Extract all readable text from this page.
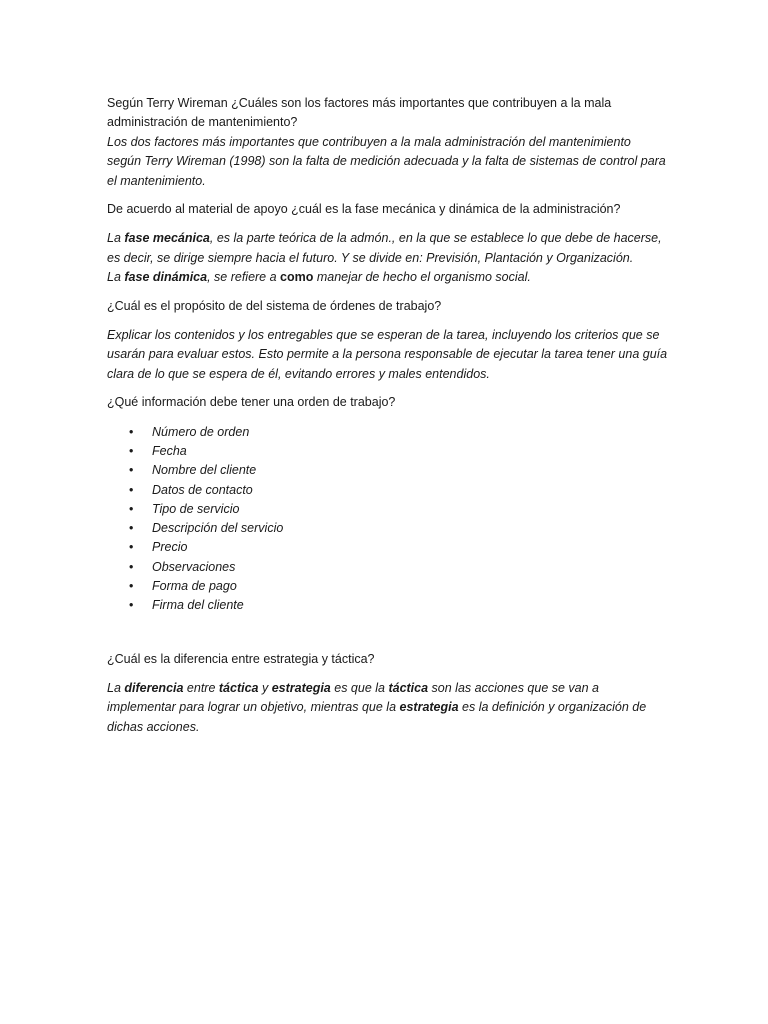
Según Terry Wireman ¿Cuáles son los factores más importantes que contribuyen a la mala administración de mantenimiento?

Los dos factores más importantes que contribuyen a la mala administración del mantenimiento según Terry Wireman (1998) son la falta de medición adecuada y la falta de sistemas de control para el mantenimiento.

De acuerdo al material de apoyo ¿cuál es la fase mecánica y dinámica de la administración?

La fase mecánica, es la parte teórica de la admón., en la que se establece lo que debe de hacerse, es decir, se dirige siempre hacia el futuro. Y se divide en: Previsión, Plantación y Organización.

La fase dinámica, se refiere a como manejar de hecho el organismo social.

¿Cuál es el propósito de del sistema de órdenes de trabajo?

Explicar los contenidos y los entregables que se esperan de la tarea, incluyendo los criterios que se usarán para evaluar estos. Esto permite a la persona responsable de ejecutar la tarea tener una guía clara de lo que se espera de él, evitando errores y males entendidos.

¿Qué información debe tener una orden de trabajo?

• Número de orden
• Fecha
• Nombre del cliente
• Datos de contacto
• Tipo de servicio
• Descripción del servicio
• Precio
• Observaciones
• Forma de pago
• Firma del cliente

¿Cuál es la diferencia entre estrategia y táctica?

La diferencia entre táctica y estrategia es que la táctica son las acciones que se van a implementar para lograr un objetivo, mientras que la estrategia es la definición y organización de dichas acciones.
